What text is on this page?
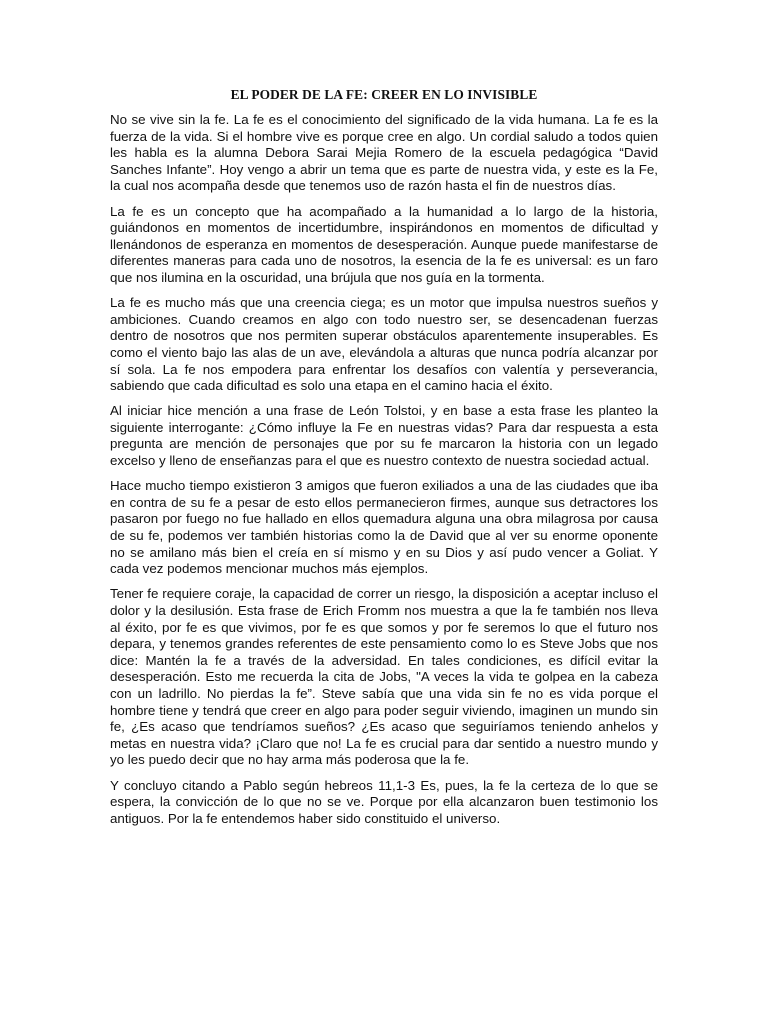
EL PODER DE LA FE: CREER EN LO INVISIBLE

No se vive sin la fe. La fe es el conocimiento del significado de la vida humana. La fe es la fuerza de la vida. Si el hombre vive es porque cree en algo. Un cordial saludo a todos quien les habla es la alumna Debora Sarai Mejia Romero de la escuela pedagógica “David Sanches Infante”. Hoy vengo a abrir un tema que es parte de nuestra vida, y este es la Fe, la cual nos acompaña desde que tenemos uso de razón hasta el fin de nuestros días.

La fe es un concepto que ha acompañado a la humanidad a lo largo de la historia, guiándonos en momentos de incertidumbre, inspirándonos en momentos de dificultad y llenándonos de esperanza en momentos de desesperación. Aunque puede manifestarse de diferentes maneras para cada uno de nosotros, la esencia de la fe es universal: es un faro que nos ilumina en la oscuridad, una brújula que nos guía en la tormenta.

La fe es mucho más que una creencia ciega; es un motor que impulsa nuestros sueños y ambiciones. Cuando creamos en algo con todo nuestro ser, se desencadenan fuerzas dentro de nosotros que nos permiten superar obstáculos aparentemente insuperables. Es como el viento bajo las alas de un ave, elevándola a alturas que nunca podría alcanzar por sí sola. La fe nos empodera para enfrentar los desafíos con valentía y perseverancia, sabiendo que cada dificultad es solo una etapa en el camino hacia el éxito.

Al iniciar hice mención a una frase de León Tolstoi, y en base a esta frase les planteo la siguiente interrogante: ¿Cómo influye la Fe en nuestras vidas? Para dar respuesta a esta pregunta are mención de personajes que por su fe marcaron la historia con un legado excelso y lleno de enseñanzas para el que es nuestro contexto de nuestra sociedad actual.

Hace mucho tiempo existieron 3 amigos que fueron exiliados a una de las ciudades que iba en contra de su fe a pesar de esto ellos permanecieron firmes, aunque sus detractores los pasaron por fuego no fue hallado en ellos quemadura alguna una obra milagrosa por causa de su fe, podemos ver también historias como la de David que al ver su enorme oponente no se amilano más bien el creía en sí mismo y en su Dios y así pudo vencer a Goliat. Y cada vez podemos mencionar muchos más ejemplos.

Tener fe requiere coraje, la capacidad de correr un riesgo, la disposición a aceptar incluso el dolor y la desilusión. Esta frase de Erich Fromm nos muestra a que la fe también nos lleva al éxito, por fe es que vivimos, por fe es que somos y por fe seremos lo que el futuro nos depara, y tenemos grandes referentes de este pensamiento como lo es Steve Jobs que nos dice: Mantén la fe a través de la adversidad. En tales condiciones, es difícil evitar la desesperación. Esto me recuerda la cita de Jobs, "A veces la vida te golpea en la cabeza con un ladrillo. No pierdas la fe”. Steve sabía que una vida sin fe no es vida porque el hombre tiene y tendrá que creer en algo para poder seguir viviendo, imaginen un mundo sin fe, ¿Es acaso que tendríamos sueños? ¿Es acaso que seguiríamos teniendo anhelos y metas en nuestra vida? ¡Claro que no! La fe es crucial para dar sentido a nuestro mundo y yo les puedo decir que no hay arma más poderosa que la fe.

Y concluyo citando a Pablo según hebreos 11,1-3 Es, pues, la fe la certeza de lo que se espera, la convicción de lo que no se ve. Porque por ella alcanzaron buen testimonio los antiguos. Por la fe entendemos haber sido constituido el universo.
